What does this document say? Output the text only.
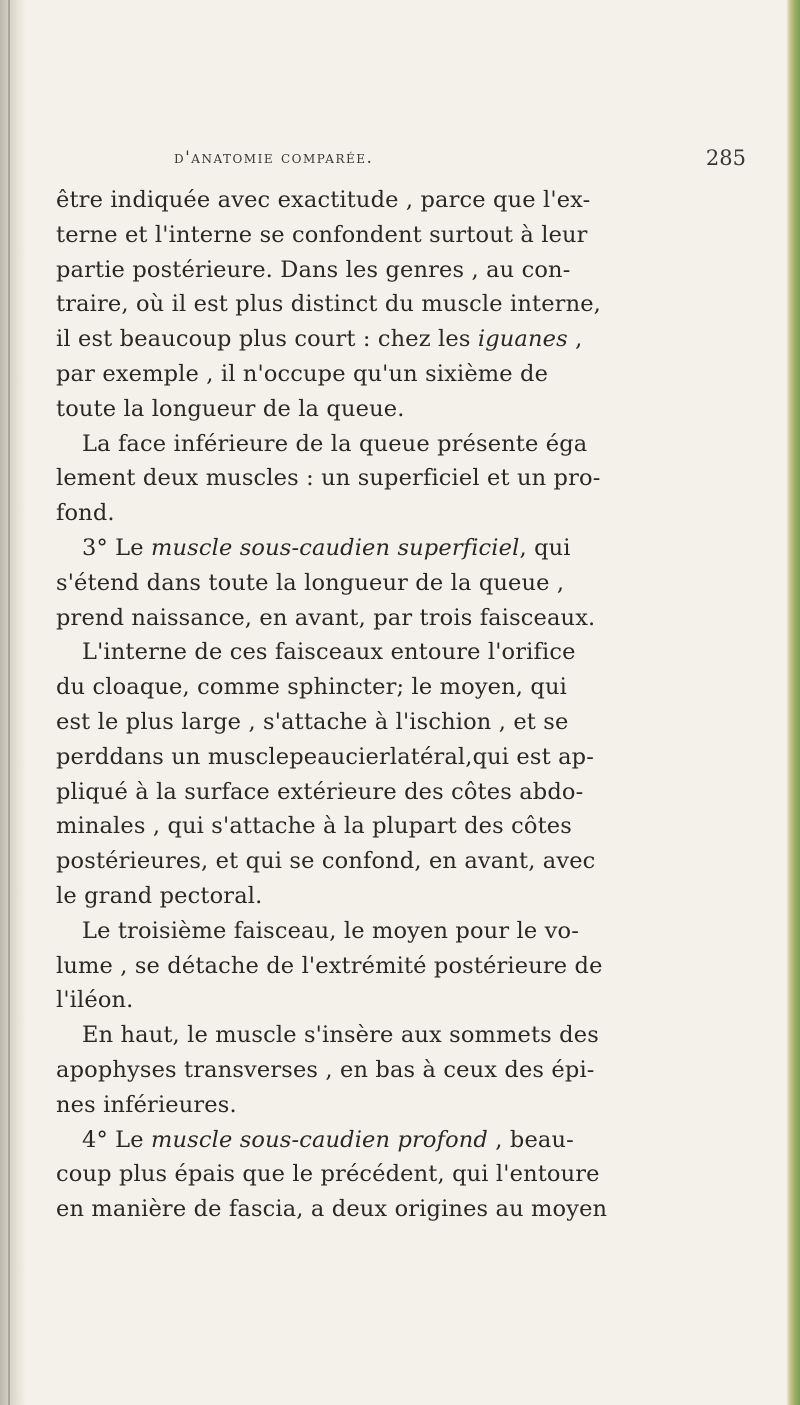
d'anatomie comparée.	285
être indiquée avec exactitude , parce que l'ex-
terne et l'interne se confondent surtout à leur
partie postérieure. Dans les genres , au con-
traire, où il est plus distinct du muscle interne,
il est beaucoup plus court : chez les iguanes ,
par exemple , il n'occupe qu'un sixième de
toute la longueur de la queue.
La face inférieure de la queue présente éga
lement deux muscles : un superficiel et un pro-
fond.
3° Le muscle sous-caudien superficiel, qui
s'étend dans toute la longueur de la queue ,
prend naissance, en avant, par trois faisceaux.
L'interne de ces faisceaux entoure l'orifice
du cloaque, comme sphincter; le moyen, qui
est le plus large , s'attache à l'ischion , et se
perddans un musclepeaucierlatéral,qui est ap-
pliqué à la surface extérieure des côtes abdo-
minales , qui s'attache à la plupart des côtes
postérieures, et qui se confond, en avant, avec
le grand pectoral.
Le troisième faisceau, le moyen pour le vo-
lume , se détache de l'extrémité postérieure de
l'iléon.
En haut, le muscle s'insère aux sommets des
apophyses transverses , en bas à ceux des épi-
nes inférieures.
4° Le muscle sous-caudien profond , beau-
coup plus épais que le précédent, qui l'entoure
en manière de fascia, a deux origines au moyen
